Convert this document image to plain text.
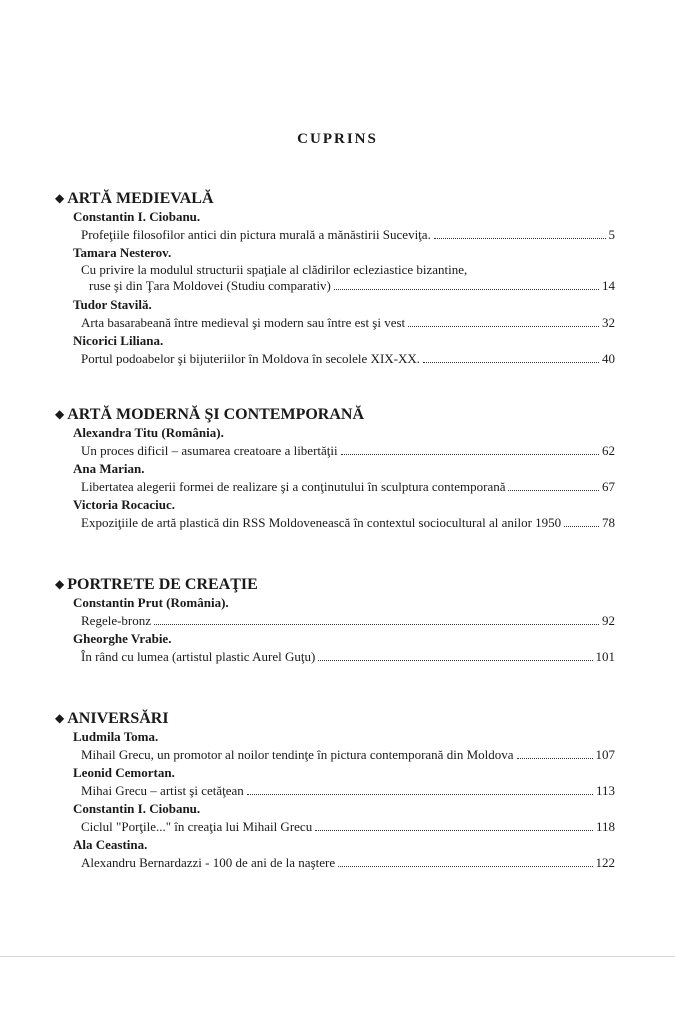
CUPRINS
◆ ARTĂ MEDIEVALĂ
Constantin I. Ciobanu.
Profeţiile filosofilor antici din pictura murală a mănăstirii Suceviţa.	5
Tamara Nesterov.
Cu privire la modulul structurii spaţiale al clădirilor ecleziastice bizantine,
ruse şi din Ţara Moldovei (Studiu comparativ)	14
Tudor Stavilă.
Arta basarabeană între medieval şi modern sau între est şi vest	32
Nicorici Liliana.
Portul podoabelor şi bijuteriilor în Moldova în secolele XIX-XX.	40
◆ ARTĂ MODERNĂ ŞI CONTEMPORANĂ
Alexandra Titu (România).
Un proces dificil – asumarea creatoare a libertăţii	62
Ana Marian.
Libertatea alegerii formei de realizare şi a conţinutului în sculptura contemporană	67
Victoria Rocaciuc.
Expoziţiile de artă plastică din RSS Moldovenească în contextul sociocultural al anilor 1950	78
◆ PORTRETE DE CREAŢIE
Constantin Prut (România).
Regele-bronz	92
Gheorghe Vrabie.
În rând cu lumea (artistul plastic Aurel Guţu)	101
◆ ANIVERSĂRI
Ludmila Toma.
Mihail Grecu, un promotor al noilor tendinţe în pictura contemporană din Moldova	107
Leonid Cemortan.
Mihai Grecu – artist şi cetăţean	113
Constantin I. Ciobanu.
Ciclul "Porţile..." în creaţia lui Mihail Grecu	118
Ala Ceastina.
Alexandru Bernardazzi - 100 de ani de la naştere	122
